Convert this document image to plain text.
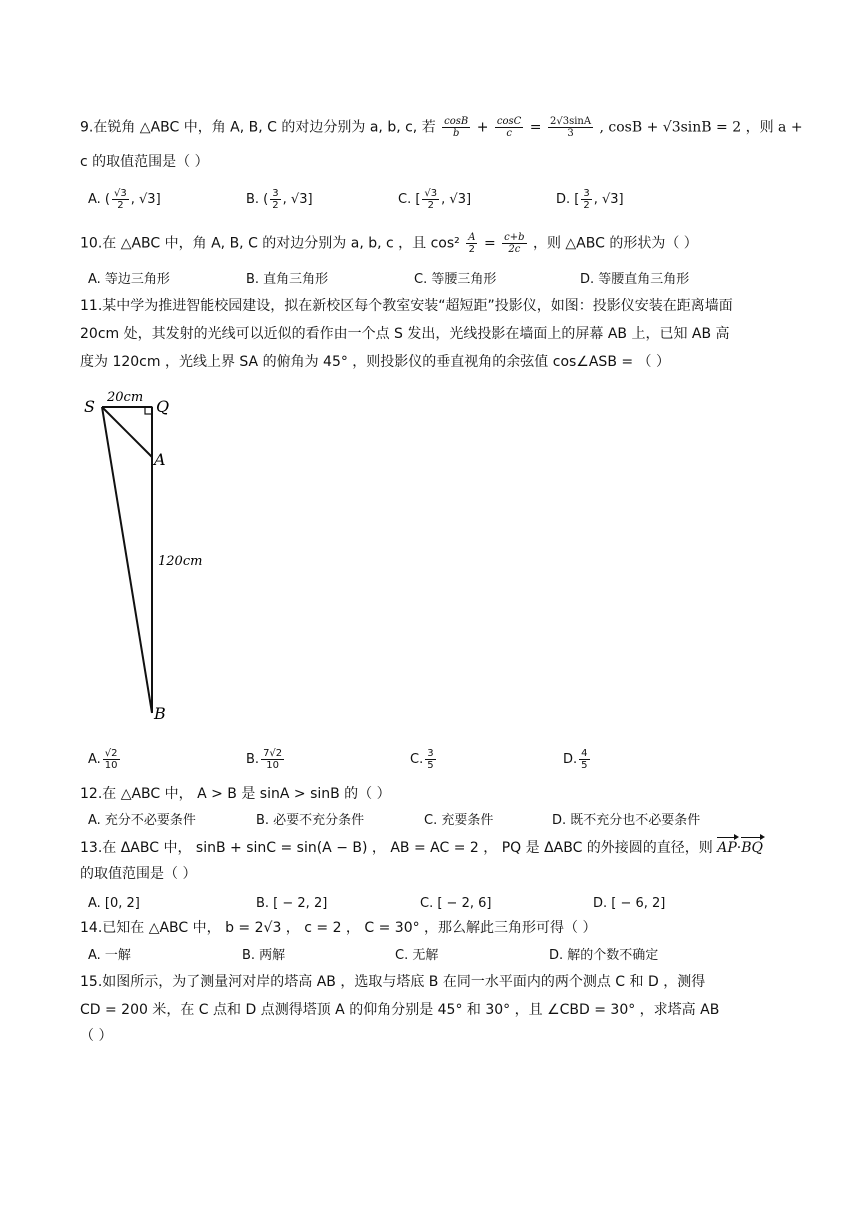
9.在锐角 △ABC 中，角 A, B, C 的对边分别为 a, b, c, 若 $\frac{\cos B}{b} + \frac{\cos C}{c} = \frac{2√3\sin A}{3}$ , cosB + √3sinB = 2 ，则 a +
c 的取值范围是（ ）
A. ( $\frac{√3}{2}$ , √3]	B. ( $\frac{3}{2}$ , √3]	C. [ $\frac{√3}{2}$ , √3]	D. [ $\frac{3}{2}$ , √3]
10.在 △ABC 中，角 A, B, C 的对边分别为 a, b, c ，且 $\cos^2 \frac{A}{2} = \frac{c+b}{2c}$ ，则 △ABC 的形状为（ ）
A. 等边三角形	B. 直角三角形	C. 等腰三角形	D. 等腰直角三角形
11.某中学为推进智能校园建设，拟在新校区每个教室安装“超短距”投影仪，如图：投影仪安装在距离墙面
20cm 处，其发射的光线可以近似的看作由一个点 S 发出，光线投影在墙面上的屏幕 AB 上，已知 AB 高
度为 120cm ，光线上界 SA 的俯角为 45° ，则投影仪的垂直视角的余弦值 cos∠ASB = （ ）
S	Q
A
B
20cm
120cm
A. $\frac{√2}{10}$	B. $\frac{7√2}{10}$	C. $\frac{3}{5}$	D. $\frac{4}{5}$
12.在 △ABC 中， A > B 是 sinA > sinB 的（ ）
A. 充分不必要条件	B. 必要不充分条件	C. 充要条件	D. 既不充分也不必要条件
13.在 ΔABC 中， sinB + sinC = sin(A − B) ， AB = AC = 2 ， PQ 是 ΔABC 的外接圆的直径，则 AP·BQ
的取值范围是（ ）
A. [0, 2]	B. [ − 2, 2]	C. [ − 2, 6]	D. [ − 6, 2]
14.已知在 △ABC 中， b = 2√3 ， c = 2 ， C = 30° ，那么解此三角形可得（ ）
A. 一解	B. 两解	C. 无解	D. 解的个数不确定
15.如图所示，为了测量河对岸的塔高 AB ，选取与塔底 B 在同一水平面内的两个测点 C 和 D ，测得
CD = 200 米，在 C 点和 D 点测得塔顶 A 的仰角分别是 45° 和 30° ，且 ∠CBD = 30° ，求塔高 AB
（ ）
